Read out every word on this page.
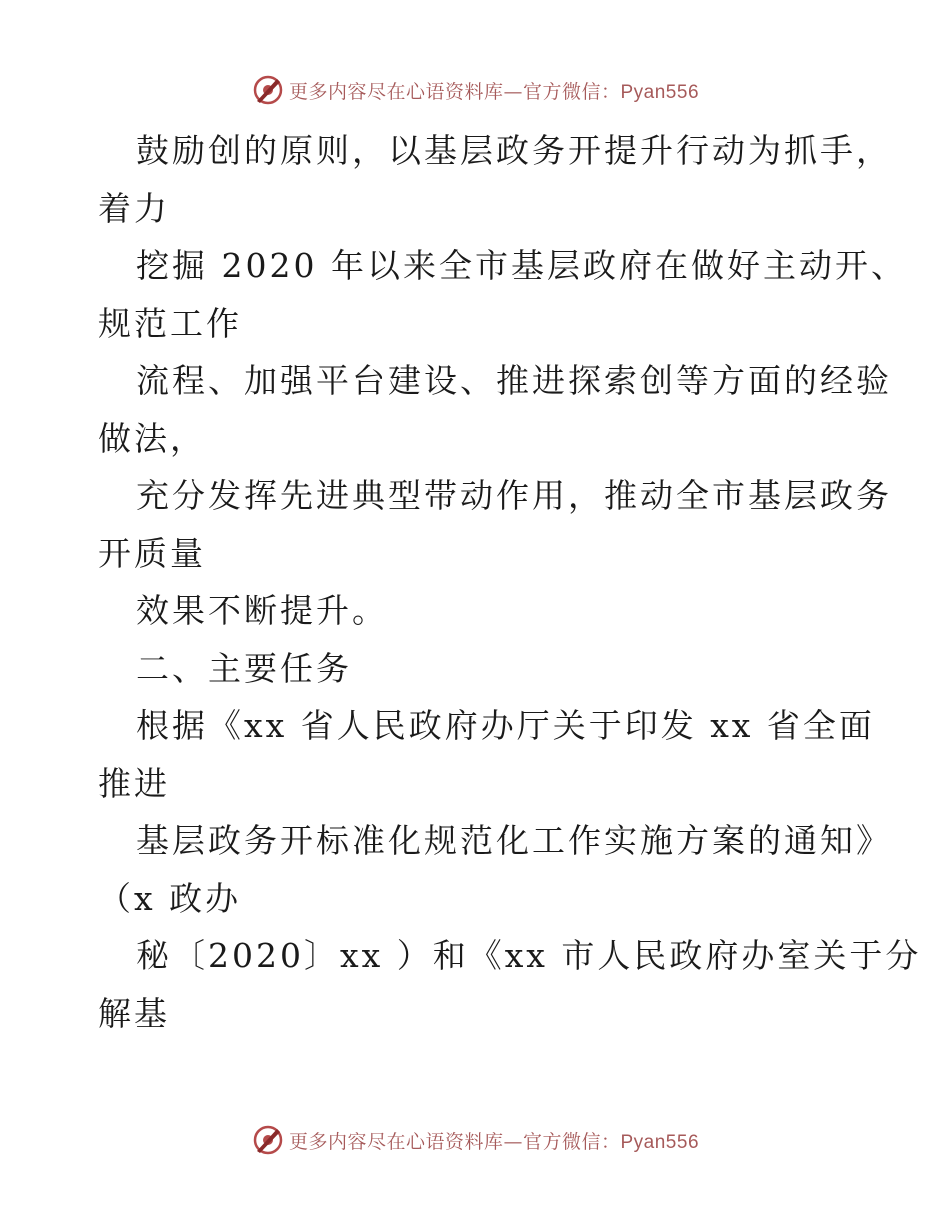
更多内容尽在心语资料库—官方微信：Pyan556
鼓励创的原则，以基层政务开提升行动为抓手，
着力
挖掘 2020 年以来全市基层政府在做好主动开、
规范工作
流程、加强平台建设、推进探索创等方面的经验
做法，
充分发挥先进典型带动作用，推动全市基层政务
开质量
效果不断提升。
二、主要任务
根据《xx 省人民政府办厅关于印发 xx 省全面
推进
基层政务开标准化规范化工作实施方案的通知》
（x 政办
秘〔2020〕xx ）和《xx 市人民政府办室关于分
解基
更多内容尽在心语资料库—官方微信：Pyan556
